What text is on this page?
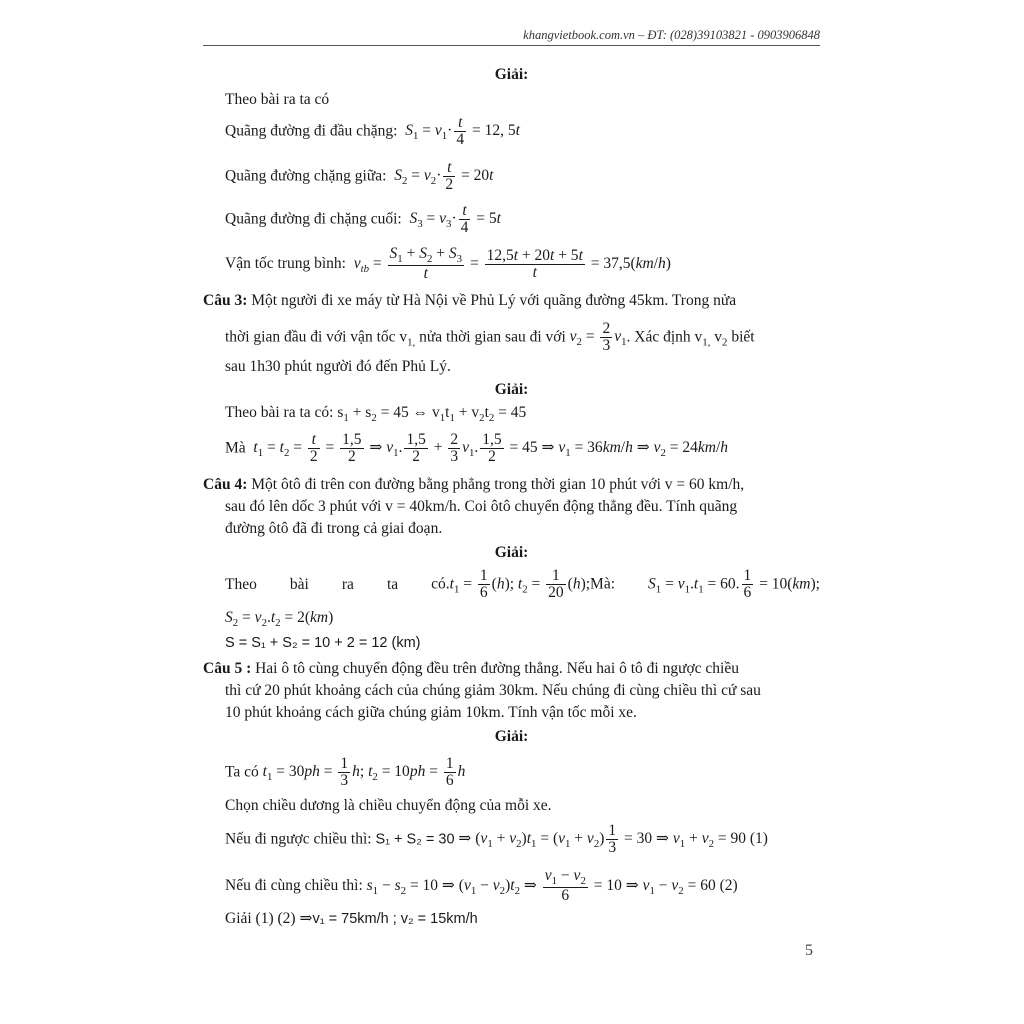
khangvietbook.com.vn – ĐT: (028)39103821 - 0903906848
Giải:
Theo bài ra ta có
Quãng đường đi đầu chặng: $S_1 = v_1\cdot \frac{t}{4} = 12$, 5t
Quãng đường chặng giữa: $S_2 = v_2\cdot \frac{t}{2} = 20t$
Quãng đường đi chặng cuối: $S_3 = v_3\cdot \frac{t}{4} = 5t$
Vận tốc trung bình: $v_{tb} = \frac{S_1 + S_2 + S_3}{t} = \frac{12,5t + 20t + 5t}{t} = 37,5(km/h)$
Câu 3: Một người đi xe máy từ Hà Nội về Phủ Lý với quãng đường 45km. Trong nửa
thời gian đầu đi với vận tốc $v_{1,}$ nửa thời gian sau đi với $v_2 = \frac{2}{3} v_1$. Xác định $v_{1,}$ $v_2$ biết
sau 1h30 phút người đó đến Phủ Lý.
Giải:
Theo bài ra ta có: $s_1 + s_2 = 45$ ⇔ $v_1t_1 + v_2t_2 = 45$
Mà $t_1 = t_2 = \frac{t}{2} = \frac{1,5}{2}$ ⇒ $v_1$. $\frac{1,5}{2} + \frac{2}{3} v_1$. $\frac{1,5}{2} = 45$ ⇒ $v_1 = 36km/h$ ⇒ $v_2 = 24km/h$
Câu 4: Một ôtô đi trên con đường bằng phẳng trong thời gian 10 phút với v = 60 km/h,
sau đó lên dốc 3 phút với v = 40km/h. Coi ôtô chuyển động thẳng đều. Tính quãng
đường ôtô đã đi trong cả giai đoạn.
Giải:
Theo bài ra ta $có.t_1 = \frac{1}{6} (h)$; $t_2 = \frac{1}{20}$ (h);Mà: $S_1 = v_1.t_1 = 60$. $\frac{1}{6} = 10(km)$;
$S_2 = v_2.t_2 = 2(km)$
S = S₁ + S₂ = 10 + 2 = 12 (km)
Câu 5 : Hai ô tô cùng chuyển động đều trên đường thẳng. Nếu hai ô tô đi ngược chiều
thì cứ 20 phút khoảng cách của chúng giảm 30km. Nếu chúng đi cùng chiều thì cứ sau
10 phút khoảng cách giữa chúng giảm 10km. Tính vận tốc mỗi xe.
Giải:
Ta có $t_1 = 30ph = \frac{1}{3} h$; $t_2 = 10ph = \frac{1}{6}$ h
Chọn chiều dương là chiều chuyển động của mỗi xe.
Nếu đi ngược chiều thì: S₁ + S₂ = 30 ⇒ $(v_1 + v_2)t_1 = (v_1 + v_2) \frac{1}{3} = 30$ ⇒ $v_1 + v_2 = 90$ (1)
Nếu đi cùng chiều thì: $s_1 - s_2 = 10$ ⇒ $(v_1 - v_2)t_2$ ⇒ $\frac{v_1 - v_2}{6} = 10$ ⇒ $v_1 - v_2 = 60$ (2)
Giải (1) (2) ⇒v₁ = 75km/h ; v₂ = 15km/h
5
